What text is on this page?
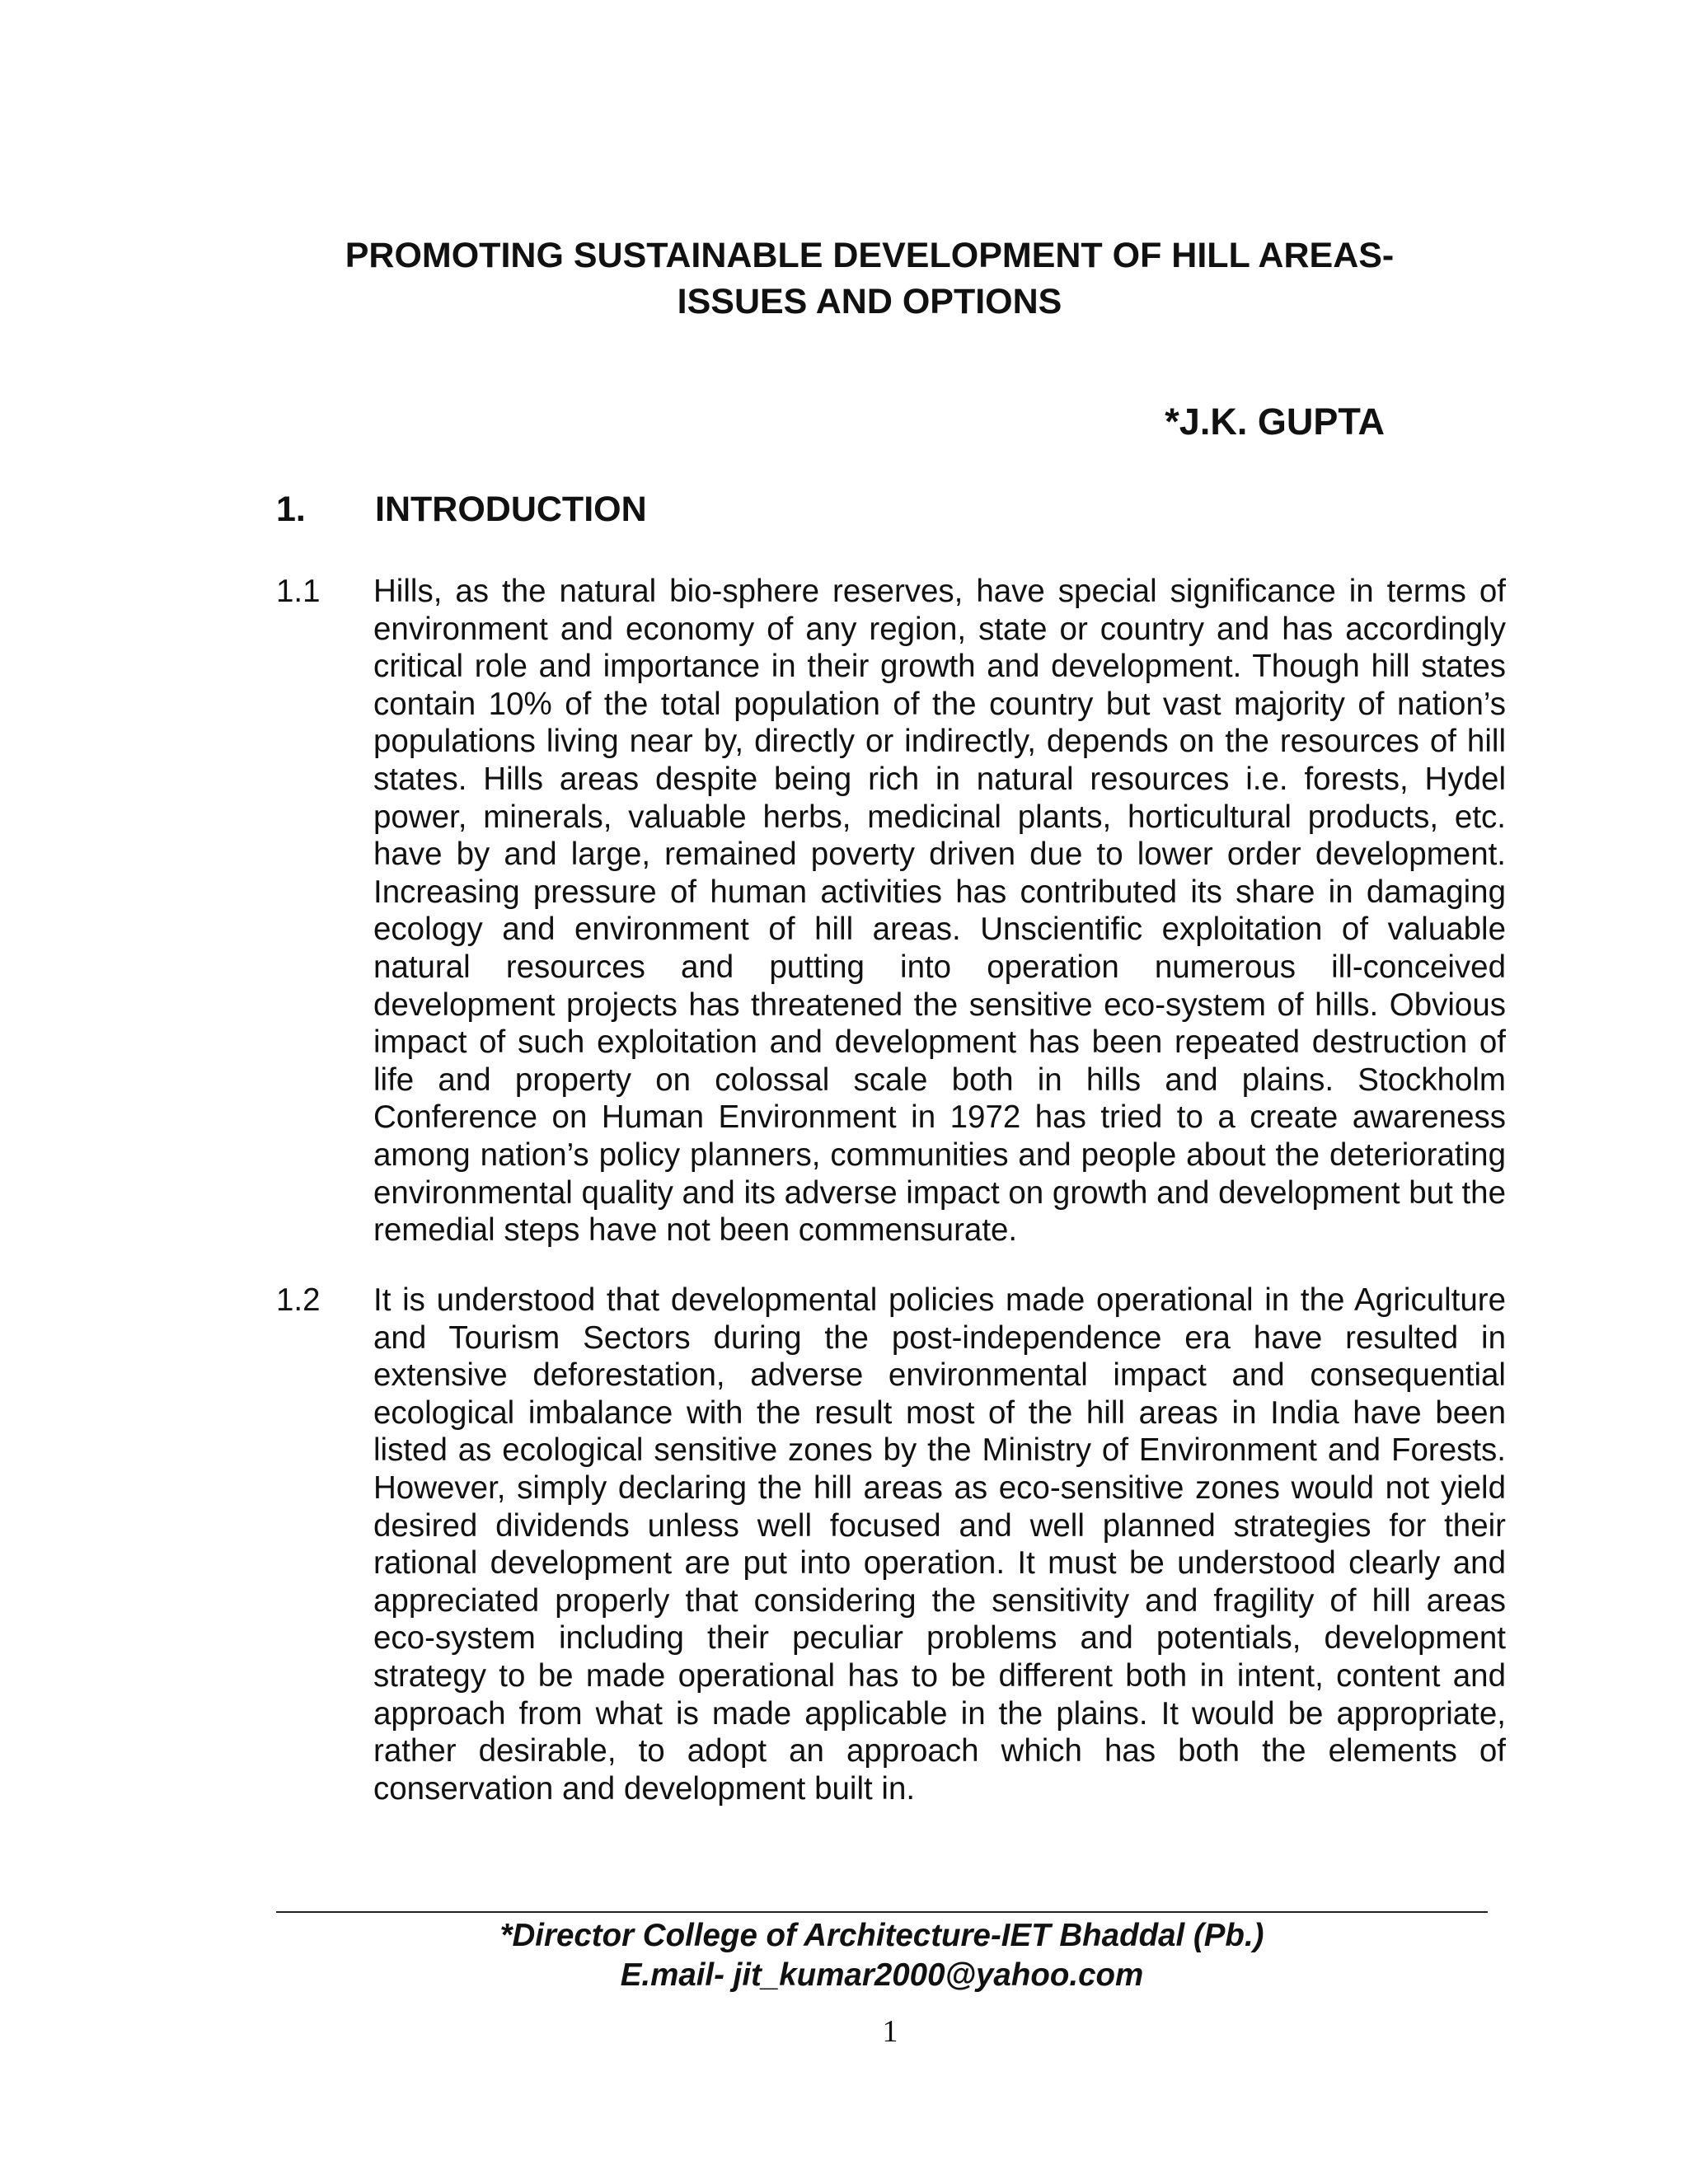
PROMOTING SUSTAINABLE DEVELOPMENT OF HILL AREAS-
ISSUES AND OPTIONS
*J.K. GUPTA
1. INTRODUCTION
1.1 Hills, as the natural bio-sphere reserves, have special significance in terms of environment and economy of any region, state or country and has accordingly critical role and importance in their growth and development. Though hill states contain 10% of the total population of the country but vast majority of nation’s populations living near by, directly or indirectly, depends on the resources of hill states. Hills areas despite being rich in natural resources i.e. forests, Hydel power, minerals, valuable herbs, medicinal plants, horticultural products, etc. have by and large, remained poverty driven due to lower order development. Increasing pressure of human activities has contributed its share in damaging ecology and environment of hill areas. Unscientific exploitation of valuable natural resources and putting into operation numerous ill-conceived development projects has threatened the sensitive eco-system of hills. Obvious impact of such exploitation and development has been repeated destruction of life and property on colossal scale both in hills and plains. Stockholm Conference on Human Environment in 1972 has tried to a create awareness among nation’s policy planners, communities and people about the deteriorating environmental quality and its adverse impact on growth and development but the remedial steps have not been commensurate.
1.2 It is understood that developmental policies made operational in the Agriculture and Tourism Sectors during the post-independence era have resulted in extensive deforestation, adverse environmental impact and consequential ecological imbalance with the result most of the hill areas in India have been listed as ecological sensitive zones by the Ministry of Environment and Forests. However, simply declaring the hill areas as eco-sensitive zones would not yield desired dividends unless well focused and well planned strategies for their rational development are put into operation. It must be understood clearly and appreciated properly that considering the sensitivity and fragility of hill areas eco-system including their peculiar problems and potentials, development strategy to be made operational has to be different both in intent, content and approach from what is made applicable in the plains. It would be appropriate, rather desirable, to adopt an approach which has both the elements of conservation and development built in.
*Director College of Architecture-IET Bhaddal (Pb.)
E.mail- jit_kumar2000@yahoo.com
1
